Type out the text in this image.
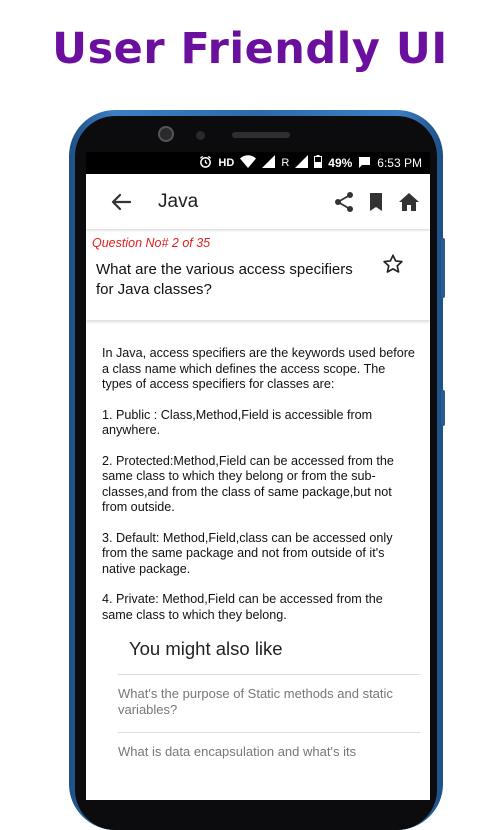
User Friendly UI
HD	R	49% 6:53 PM
Java
Question No# 2 of 35
What are the various access specifiers for Java classes?

In Java, access specifiers are the keywords used before a class name which defines the access scope. The types of access specifiers for classes are:

1. Public : Class,Method,Field is accessible from anywhere.

2. Protected:Method,Field can be accessed from the same class to which they belong or from the sub-classes,and from the class of same package,but not from outside.

3. Default: Method,Field,class can be accessed only from the same package and not from outside of it's native package.

4. Private: Method,Field can be accessed from the same class to which they belong.

You might also like
What's the purpose of Static methods and static variables?
What is data encapsulation and what's its
